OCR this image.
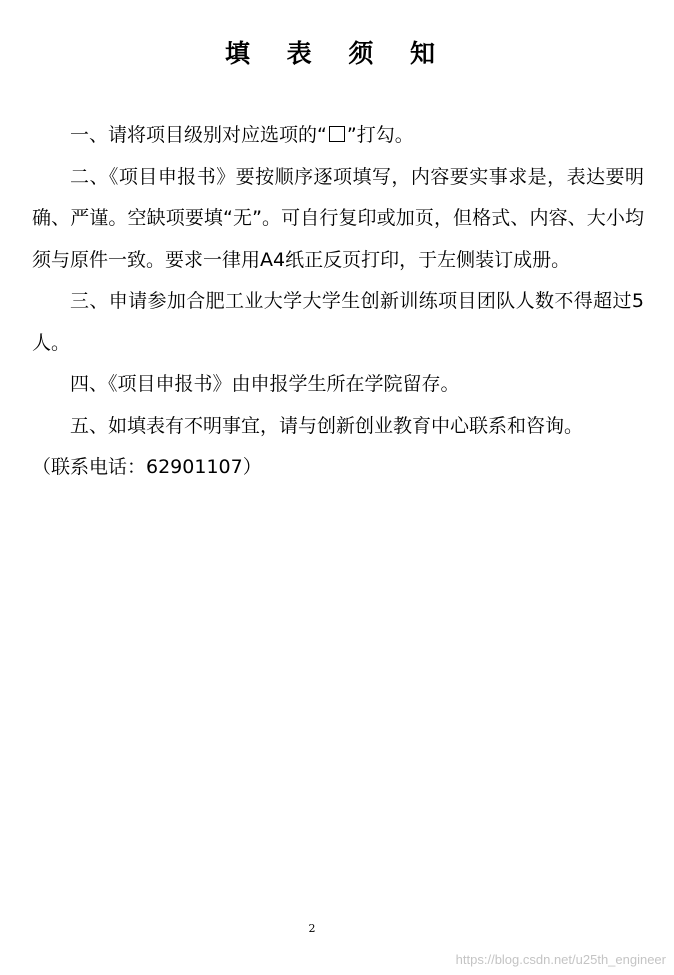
填 表 须 知

一、请将项目级别对应选项的“ ”打勾。

二、《项目申报书》要按顺序逐项填写，内容要实事求是，表达要明确、严谨。空缺项要填“无”。可自行复印或加页，但格式、内容、大小均须与原件一致。要求一律用A4纸正反页打印，于左侧装订成册。

三、申请参加合肥工业大学大学生创新训练项目团队人数不得超过5人。

四、《项目申报书》由申报学生所在学院留存。

五、如填表有不明事宜，请与创新创业教育中心联系和咨询。

（联系电话：62901107）

2
https://blog.csdn.net/u25th_engineer
